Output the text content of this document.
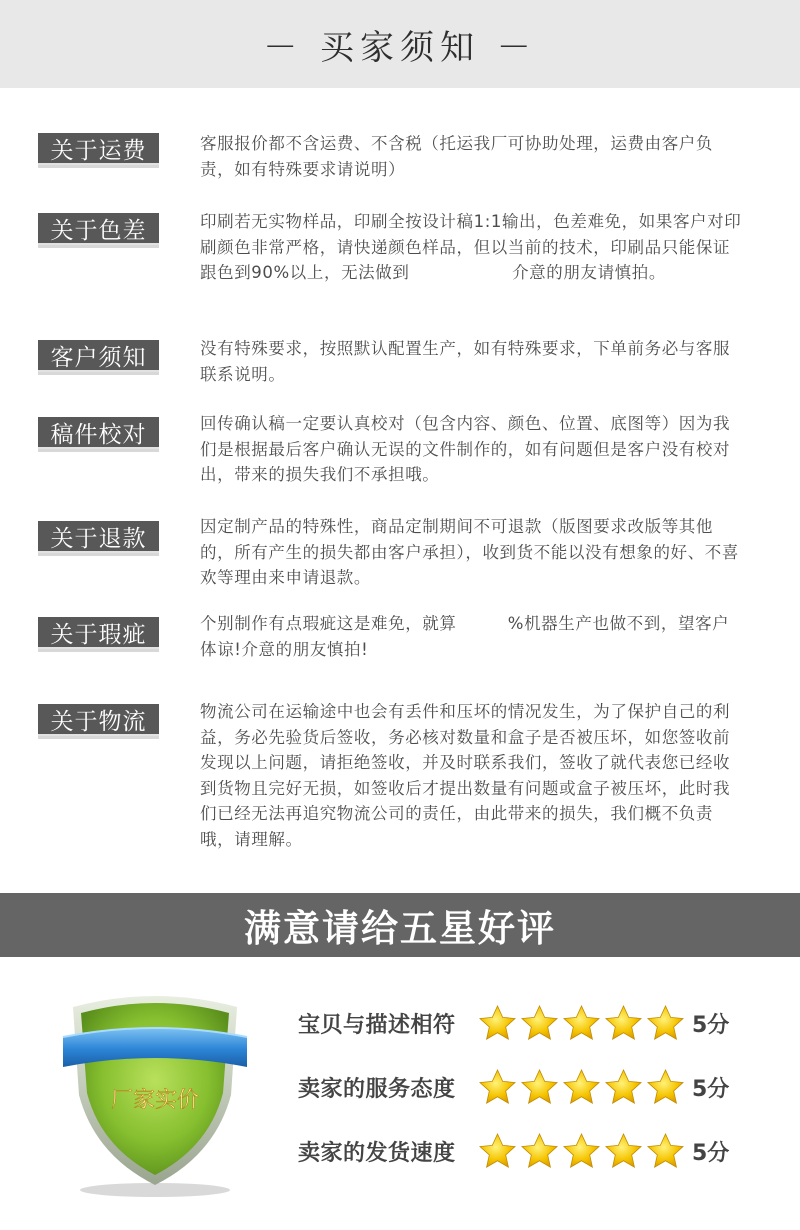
－ 买家须知 －
关于运费	客服报价都不含运费、不含税（托运我厂可协助处理，运费由客户负责，如有特殊要求请说明）
关于色差	印刷若无实物样品，印刷全按设计稿1:1输出，色差难免，如果客户对印刷颜色非常严格，请快递颜色样品，但以当前的技术，印刷品只能保证跟色到90%以上，无法做到　　　　　　介意的朋友请慎拍。
客户须知	没有特殊要求，按照默认配置生产，如有特殊要求，下单前务必与客服联系说明。
稿件校对	回传确认稿一定要认真校对（包含内容、颜色、位置、底图等）因为我们是根据最后客户确认无误的文件制作的，如有问题但是客户没有校对出，带来的损失我们不承担哦。
关于退款	因定制产品的特殊性，商品定制期间不可退款（版图要求改版等其他的，所有产生的损失都由客户承担），收到货不能以没有想象的好、不喜欢等理由来申请退款。
关于瑕疵	个别制作有点瑕疵这是难免，就算　　　%机器生产也做不到，望客户体谅!介意的朋友慎拍!
关于物流	物流公司在运输途中也会有丢件和压坏的情况发生，为了保护自己的利益，务必先验货后签收，务必核对数量和盒子是否被压坏，如您签收前发现以上问题，请拒绝签收，并及时联系我们，签收了就代表您已经收到货物且完好无损，如签收后才提出数量有问题或盒子被压坏，此时我们已经无法再追究物流公司的责任，由此带来的损失，我们概不负责哦，请理解。
满意请给五星好评
厂家实价
宝贝与描述相符	5分
卖家的服务态度	5分
卖家的发货速度	5分
